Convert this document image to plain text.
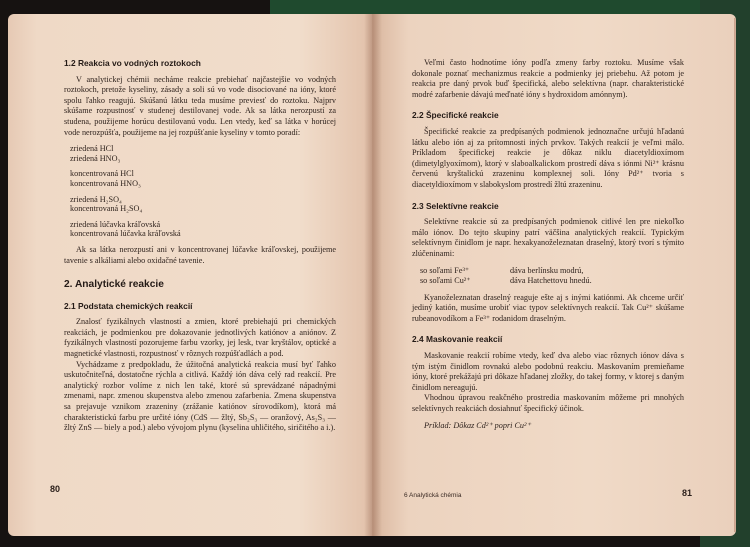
1.2 Reakcia vo vodných roztokoch

V analytickej chémii necháme reakcie prebiehať najčastejšie vo vodných roztokoch, pretože kyseliny, zásady a soli sú vo vode disociované na ióny, ktoré spolu ľahko reagujú. Skúšanú látku teda musíme previesť do roztoku. Najprv skúšame rozpustnosť v studenej destilovanej vode. Ak sa látka nerozpustí za studena, použijeme horúcu destilovanú vodu. Len vtedy, keď sa látka v horúcej vode nerozpúšťa, použijeme na jej rozpúšťanie kyseliny v tomto poradí:

zriedená HCl
zriedená HNO₃
koncentrovaná HCl
koncentrovaná HNO₃
zriedená H₂SO₄
koncentrovaná H₂SO₄
zriedená lúčavka kráľovská
koncentrovaná lúčavka kráľovská

Ak sa látka nerozpustí ani v koncentrovanej lúčavke kráľovskej, použijeme tavenie s alkáliami alebo oxidačné tavenie.

2. Analytické reakcie

2.1 Podstata chemických reakcií

Znalosť fyzikálnych vlastností a zmien, ktoré prebiehajú pri chemických reakciách, je podmienkou pre dokazovanie jednotlivých katiónov a aniónov. Z fyzikálnych vlastností pozorujeme farbu vzorky, jej lesk, tvar kryštálov, optické a magnetické vlastnosti, rozpustnosť v rôznych rozpúšťadlách a pod.

Vychádzame z predpokladu, že úžitočná analytická reakcia musí byť ľahko uskutočniteľná, dostatočne rýchla a citlivá. Každý ión dáva celý rad reakcií. Pre analytický rozbor volíme z nich len také, ktoré sú sprevádzané nápadnými zmenami, napr. zmenou skupenstva alebo zmenou zafarbenia. Zmena skupenstva sa prejavuje vznikom zrazeniny (zrážanie katiónov sírovodíkom), ktorá má charakteristickú farbu pre určité ióny (CdS — žltý, Sb₂S₃ — oranžový, As₂S₃ — žltý ZnS — biely a pod.) alebo vývojom plynu (kyselina uhličitého, siričitého a i.).

80

Veľmi často hodnotíme ióny podľa zmeny farby roztoku. Musíme však dokonale poznať mechanizmus reakcie a podmienky jej priebehu. Až potom je reakcia pre daný prvok buď špecifická, alebo selektívna (napr. charakteristické modré zafarbenie dávajú meďnaté ióny s hydroxidom amónnym).

2.2 Špecifické reakcie

Špecifické reakcie za predpísaných podmienok jednoznačne určujú hľadanú látku alebo ión aj za prítomnosti iných prvkov. Takých reakcií je veľmi málo. Príkladom špecifickej reakcie je dôkaz niklu diacetyldioxímom (dimetylglyoxímom), ktorý v slaboalkalickom prostredí dáva s iónmi Ni²⁺ krásnu červenú kryštalickú zrazeninu komplexnej soli. Ióny Pd²⁺ tvoria s diacetyldioxímom v slabokyslom prostredí žltú zrazeninu.

2.3 Selektívne reakcie

Selektívne reakcie sú za predpísaných podmienok citlivé len pre niekoľko málo iónov. Do tejto skupiny patrí väčšina analytických reakcií. Typickým selektívnym činidlom je napr. hexakyanoželeznatan draselný, ktorý tvorí s týmito zlúčeninami:

so soľami Fe³⁺	dáva berlínsku modrú,
so soľami Cu²⁺	dáva Hatchettovu hnedú.

Kyanoželeznatan draselný reaguje ešte aj s inými katiónmi. Ak chceme určiť jediný katión, musíme urobiť viac typov selektívnych reakcií. Tak Cu²⁺ skúšame rubeanovodíkom a Fe³⁺ rodanidom draselným.

2.4 Maskovanie reakcií

Maskovanie reakcií robíme vtedy, keď dva alebo viac rôznych iónov dáva s tým istým činidlom rovnakú alebo podobnú reakciu. Maskovaním premieňame ióny, ktoré prekážajú pri dôkaze hľadanej zložky, do takej formy, v ktorej s daným činidlom nereagujú.

Vhodnou úpravou reakčného prostredia maskovaním môžeme pri mnohých selektívnych reakciách dosiahnuť špecifický účinok.

Príklad: Dôkaz Cd²⁺ popri Cu²⁺

6 Analytická chémia	81
